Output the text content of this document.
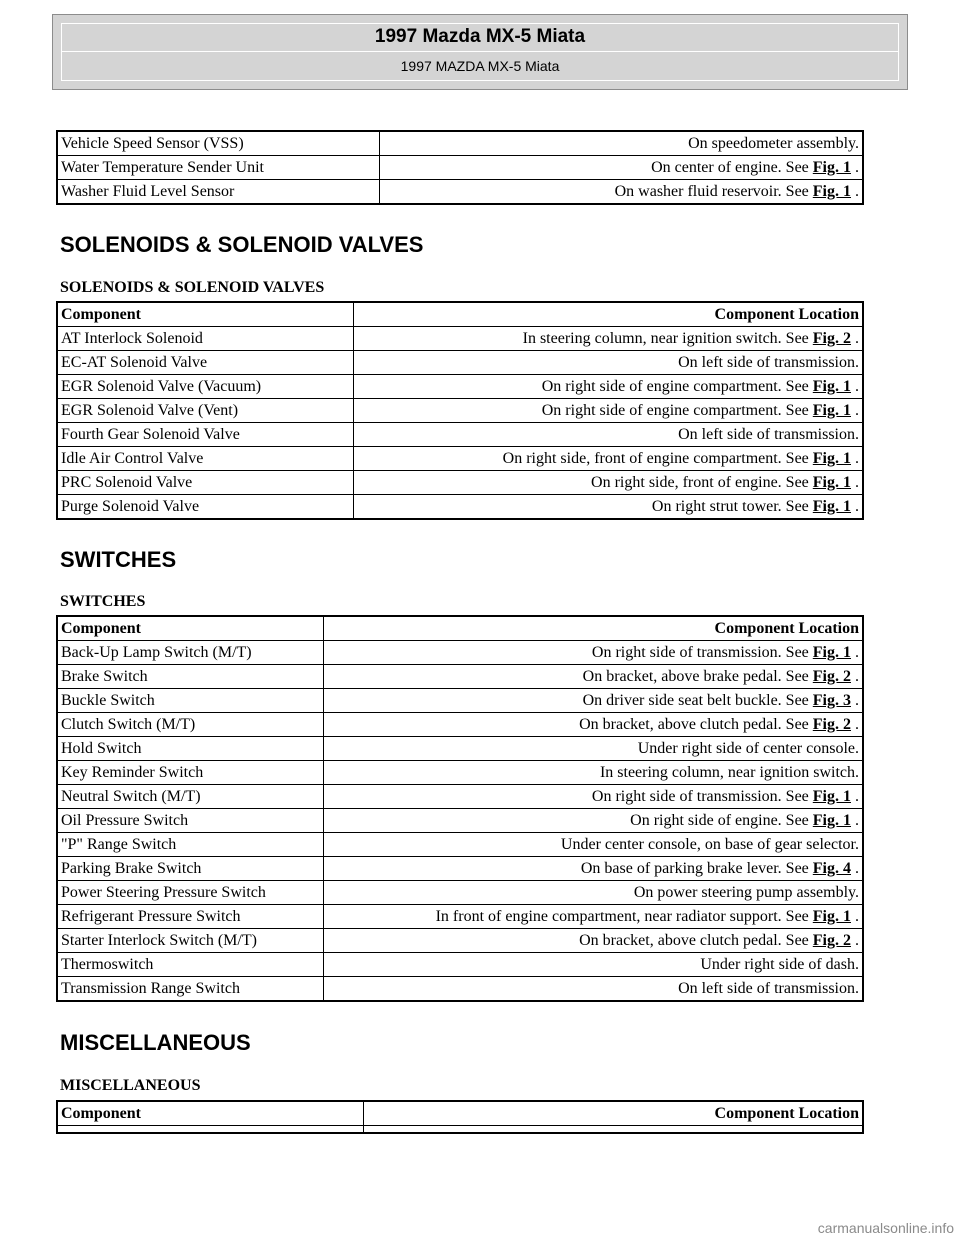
1997 Mazda MX-5 Miata
1997 MAZDA MX-5 Miata
Vehicle Speed Sensor (VSS)	On speedometer assembly.
Water Temperature Sender Unit	On center of engine. See Fig. 1 .
Washer Fluid Level Sensor	On washer fluid reservoir. See Fig. 1 .
SOLENOIDS & SOLENOID VALVES

SOLENOIDS & SOLENOID VALVES

Component	Component Location
AT Interlock Solenoid	In steering column, near ignition switch. See Fig. 2 .
EC-AT Solenoid Valve	On left side of transmission.
EGR Solenoid Valve (Vacuum)	On right side of engine compartment. See Fig. 1 .
EGR Solenoid Valve (Vent)	On right side of engine compartment. See Fig. 1 .
Fourth Gear Solenoid Valve	On left side of transmission.
Idle Air Control Valve	On right side, front of engine compartment. See Fig. 1 .
PRC Solenoid Valve	On right side, front of engine. See Fig. 1 .
Purge Solenoid Valve	On right strut tower. See Fig. 1 .
SWITCHES

SWITCHES

Component	Component Location
Back-Up Lamp Switch (M/T)	On right side of transmission. See Fig. 1 .
Brake Switch	On bracket, above brake pedal. See Fig. 2 .
Buckle Switch	On driver side seat belt buckle. See Fig. 3 .
Clutch Switch (M/T)	On bracket, above clutch pedal. See Fig. 2 .
Hold Switch	Under right side of center console.
Key Reminder Switch	In steering column, near ignition switch.
Neutral Switch (M/T)	On right side of transmission. See Fig. 1 .
Oil Pressure Switch	On right side of engine. See Fig. 1 .
"P" Range Switch	Under center console, on base of gear selector.
Parking Brake Switch	On base of parking brake lever. See Fig. 4 .
Power Steering Pressure Switch	On power steering pump assembly.
Refrigerant Pressure Switch	In front of engine compartment, near radiator support. See Fig. 1 .
Starter Interlock Switch (M/T)	On bracket, above clutch pedal. See Fig. 2 .
Thermoswitch	Under right side of dash.
Transmission Range Switch	On left side of transmission.
MISCELLANEOUS

MISCELLANEOUS

Component	Component Location

carmanualsonline.info
